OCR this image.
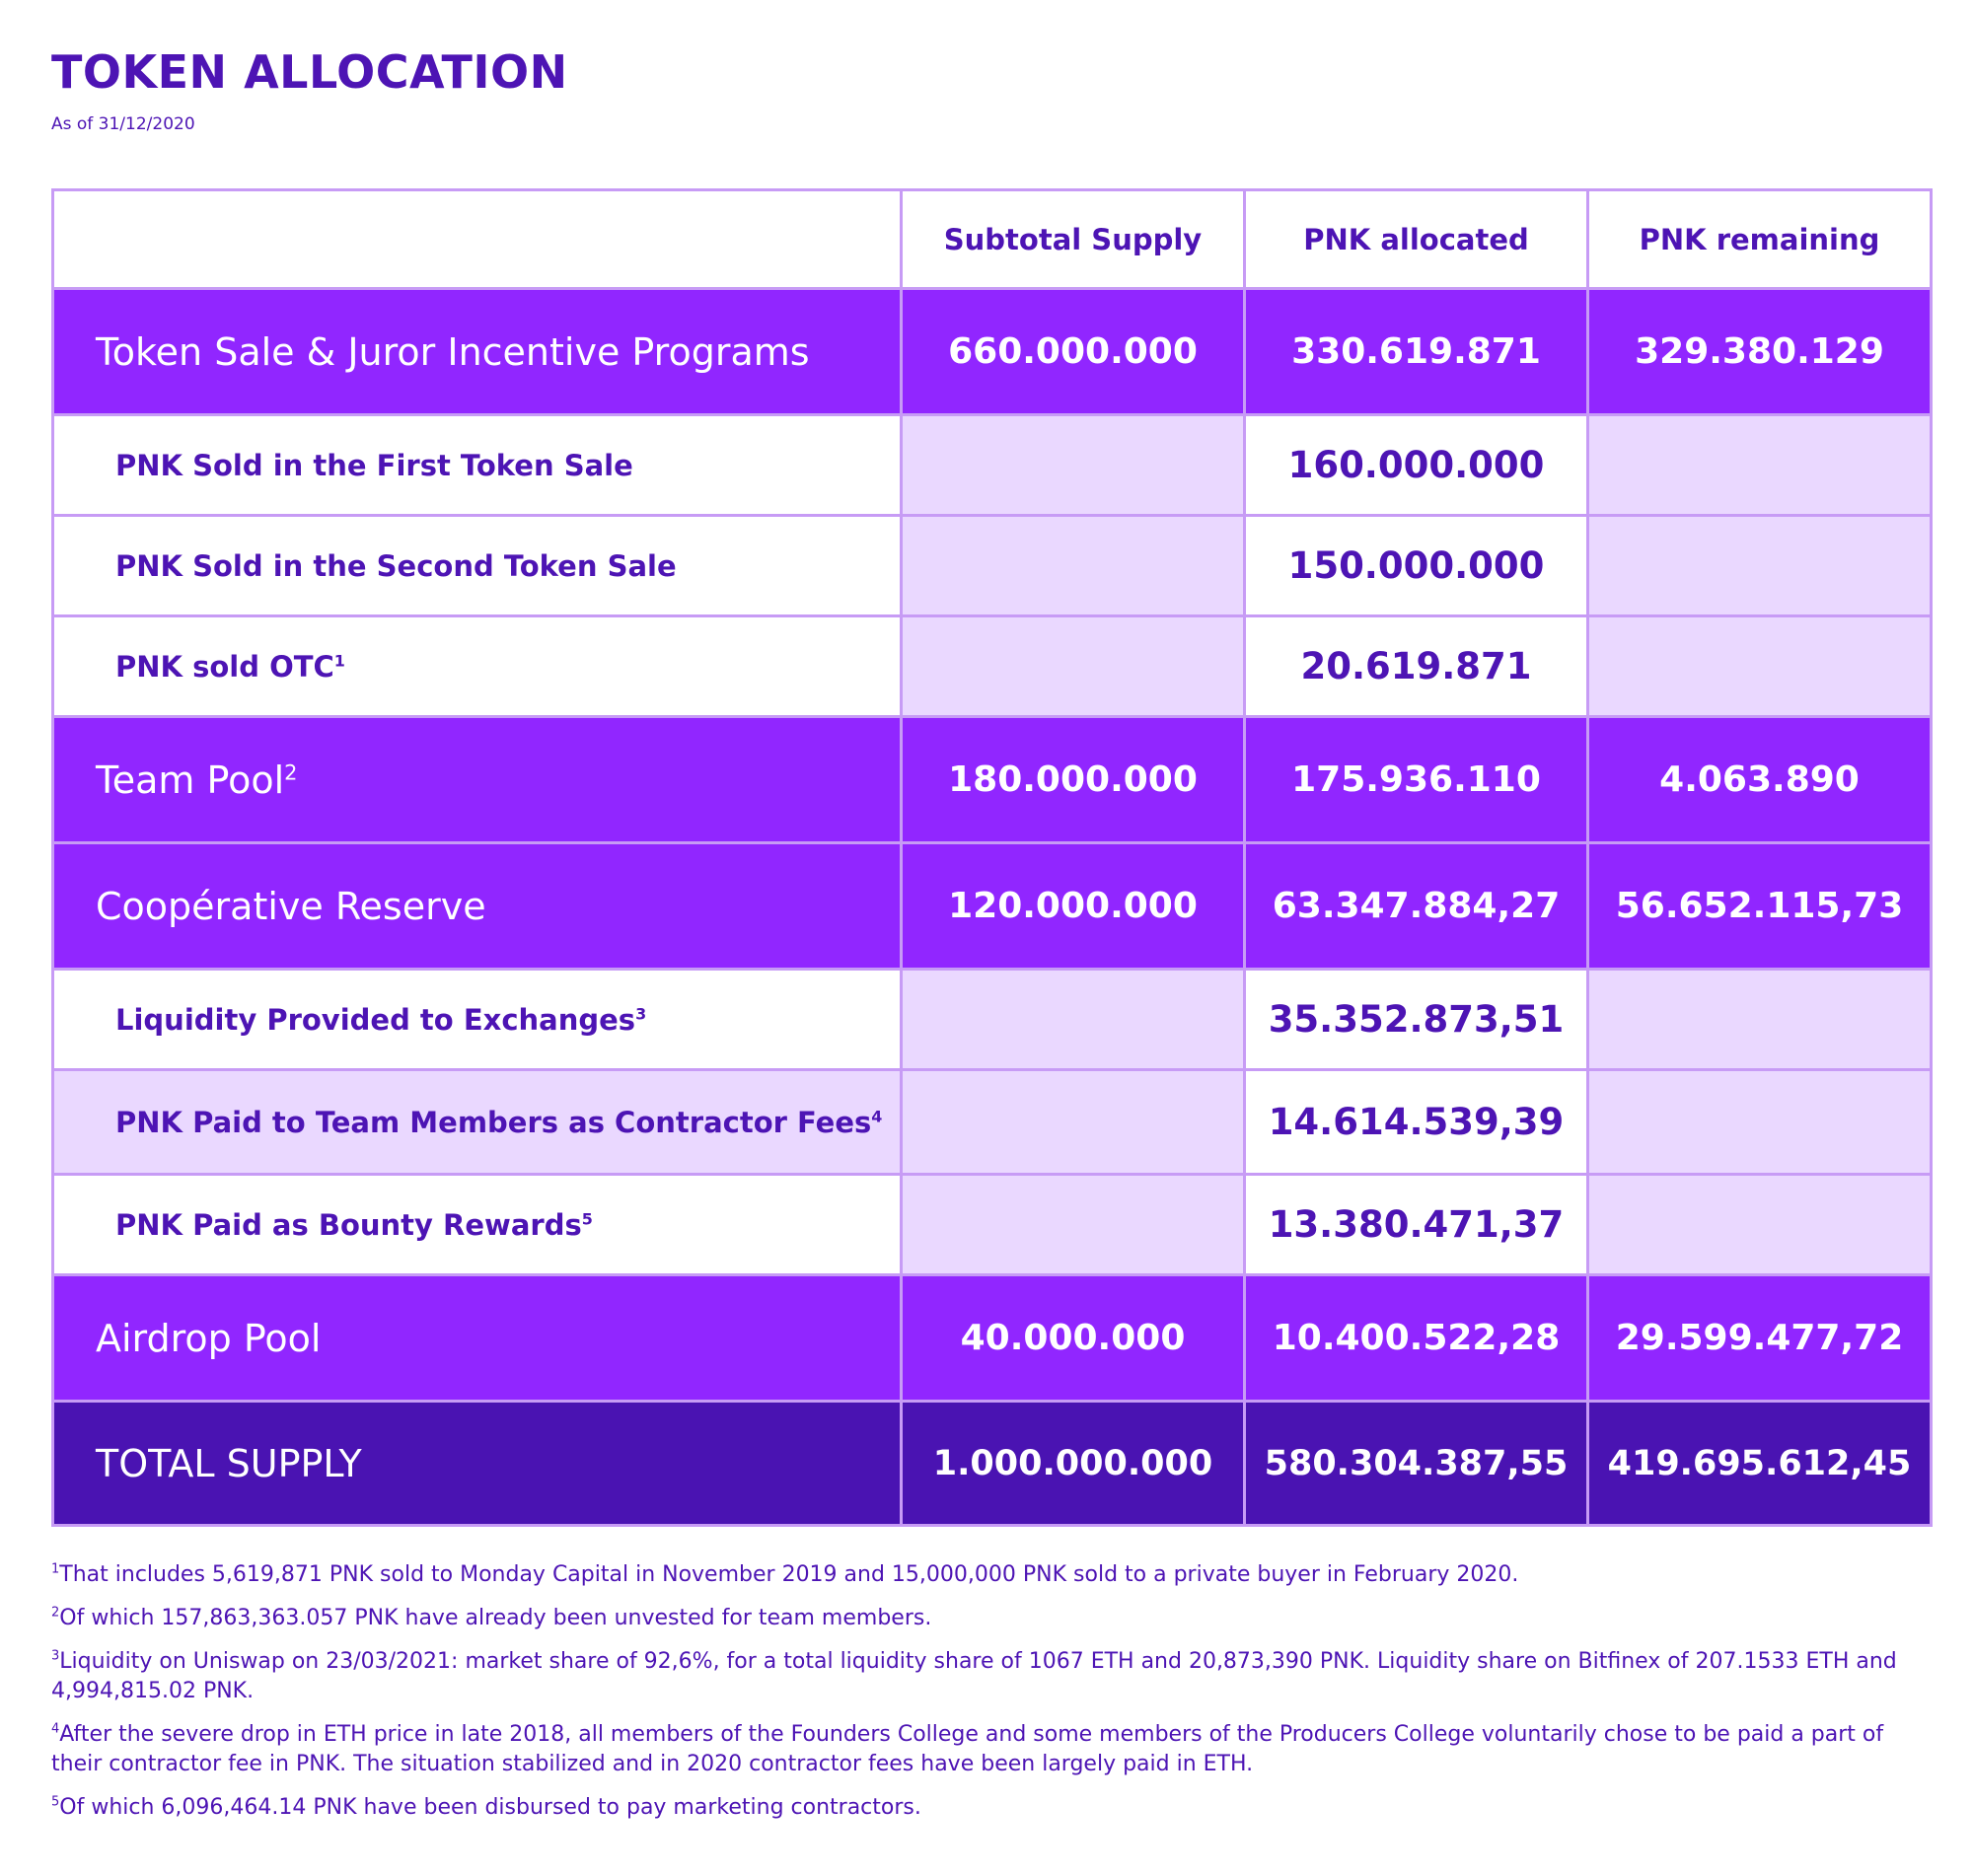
TOKEN ALLOCATION
As of 31/12/2020
	Subtotal Supply	PNK allocated	PNK remaining
Token Sale & Juror Incentive Programs	660.000.000	330.619.871	329.380.129
PNK Sold in the First Token Sale		160.000.000	
PNK Sold in the Second Token Sale		150.000.000	
PNK sold OTC$^1$		20.619.871	
Team Pool$^2$	180.000.000	175.936.110	4.063.890
Coopérative Reserve	120.000.000	63.347.884,27	56.652.115,73
Liquidity Provided to Exchanges$^3$		35.352.873,51	
PNK Paid to Team Members as Contractor Fees$^4$		14.614.539,39	
PNK Paid as Bounty Rewards$^5$		13.380.471,37	
Airdrop Pool	40.000.000	10.400.522,28	29.599.477,72
TOTAL SUPPLY	1.000.000.000	580.304.387,55	419.695.612,45
$^1$That includes 5,619,871 PNK sold to Monday Capital in November 2019 and 15,000,000 PNK sold to a private buyer in February 2020.
$^2$Of which 157,863,363.057 PNK have already been unvested for team members.
$^3$Liquidity on Uniswap on 23/03/2021: market share of 92,6%, for a total liquidity share of 1067 ETH and 20,873,390 PNK. Liquidity share on Bitfinex of 207.1533 ETH and 4,994,815.02 PNK.
$^4$After the severe drop in ETH price in late 2018, all members of the Founders College and some members of the Producers College voluntarily chose to be paid a part of their contractor fee in PNK. The situation stabilized and in 2020 contractor fees have been largely paid in ETH.
$^5$Of which 6,096,464.14 PNK have been disbursed to pay marketing contractors.
